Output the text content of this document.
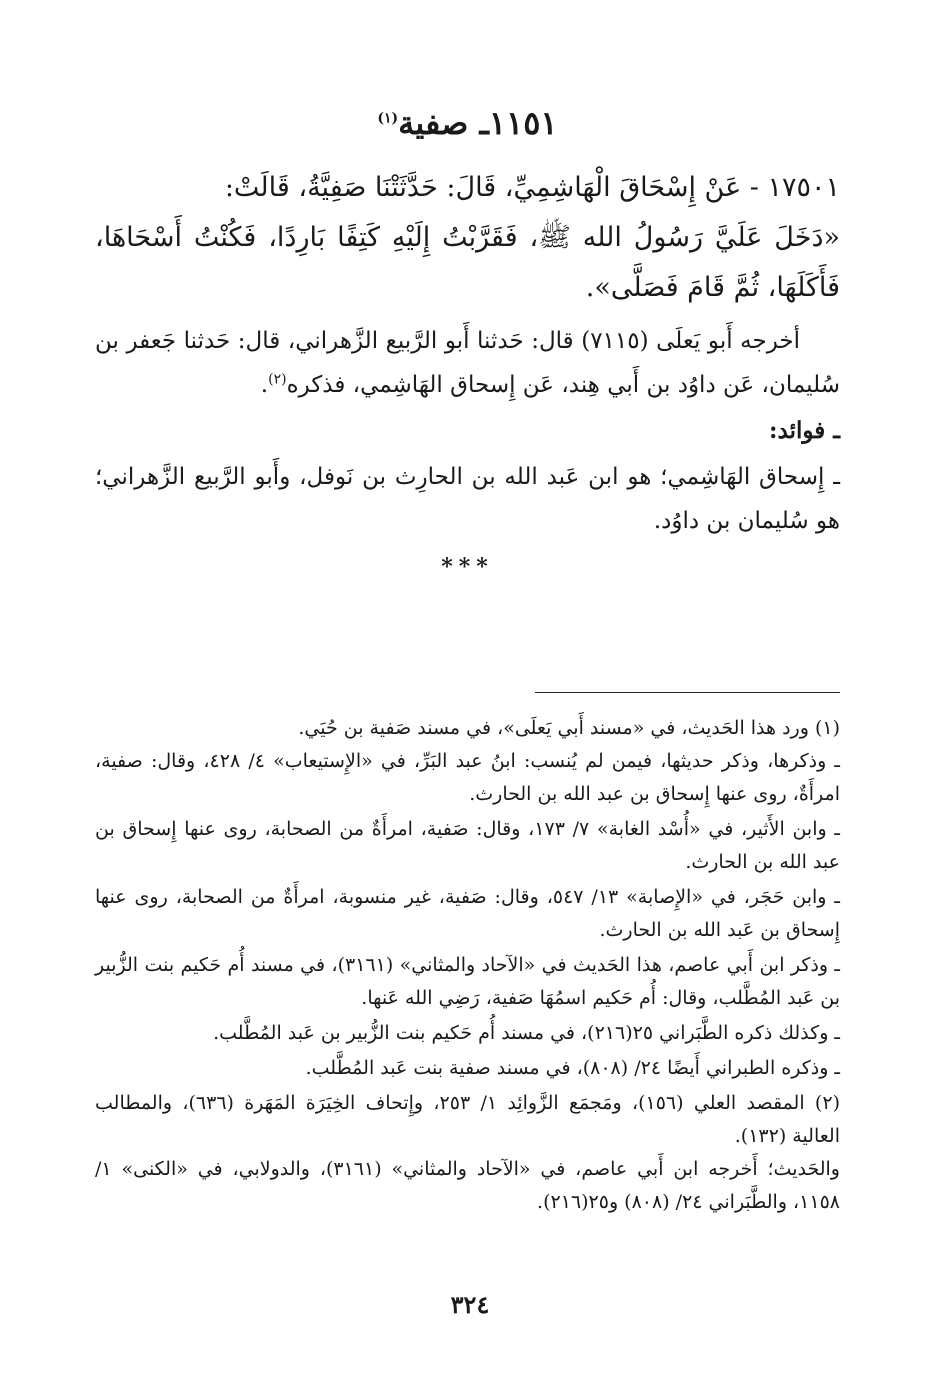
١١٥١ـ صفية$^{(١)}$

١٧٥٠١ - عَنْ إِسْحَاقَ الْهَاشِمِيِّ، قَالَ: حَدَّثَتْنَا صَفِيَّةُ، قَالَتْ:

«دَخَلَ عَلَيَّ رَسُولُ الله ﷺ، فَقَرَّبْتُ إِلَيْهِ كَتِفًا بَارِدًا، فَكُنْتُ أَسْحَاهَا، فَأَكَلَهَا، ثُمَّ قَامَ فَصَلَّى».

أخرجه أَبو يَعلَى (٧١١٥) قال: حَدثنا أَبو الرَّبيع الزَّهراني، قال: حَدثنا جَعفر بن سُليمان، عَن داوُد بن أَبي هِند، عَن إِسحاق الهَاشِمي، فذكره$^{(٢)}$.

ـ فوائد:

ـ إِسحاق الهَاشِمي؛ هو ابن عَبد الله بن الحارِث بن نَوفل، وأَبو الرَّبيع الزَّهراني؛ هو سُليمان بن داوُد.

***

(١) ورد هذا الحَديث، في «مسند أَبي يَعلَى»، في مسند صَفية بن حُيَي.

ـ وذكرها، وذكر حديثها، فيمن لم يُنسب: ابنُ عبد البَرِّ، في «الإِستيعاب» ٤/ ٤٢٨، وقال: صفية، امرأَةٌ، روى عنها إِسحاق بن عبد الله بن الحارث.

ـ وابن الأَثير، في «أُسْد الغابة» ٧/ ١٧٣، وقال: صَفية، امرأَةٌ من الصحابة، روى عنها إِسحاق بن عبد الله بن الحارث.

ـ وابن حَجَر، في «الإِصابة» ١٣/ ٥٤٧، وقال: صَفية، غير منسوبة، امرأَةٌ من الصحابة، روى عنها إِسحاق بن عَبد الله بن الحارث.

ـ وذكر ابن أَبي عاصم، هذا الحَديث في «الآحاد والمثاني» (٣١٦١)، في مسند أُم حَكيم بنت الزُّبير بن عَبد المُطَّلب، وقال: أُم حَكيم اسمُهَا صَفية، رَضِي الله عَنها.

ـ وكذلك ذكره الطَّبَراني ٢٥(٢١٦)، في مسند أُم حَكيم بنت الزُّبير بن عَبد المُطَّلب.

ـ وذكره الطبراني أَيضًا ٢٤/ (٨٠٨)، في مسند صفية بنت عَبد المُطَّلب.

(٢) المقصد العلي (١٥٦)، ومَجمَع الزَّوائِد ١/ ٢٥٣، وإِتحاف الخِيَرَة المَهَرة (٦٣٦)، والمطالب العالية (١٣٢).

والحَديث؛ أَخرجه ابن أَبي عاصم، في «الآحاد والمثاني» (٣١٦١)، والدولابي، في «الكنى» ١/ ١١٥٨، والطَّبَراني ٢٤/ (٨٠٨) و٢٥(٢١٦).

٣٢٤
